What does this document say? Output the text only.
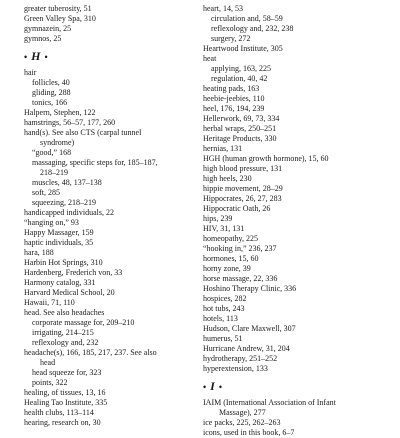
greater tuberosity, 51
Green Valley Spa, 310
gymnazein, 25
gymnos, 25
• H •
hair
follicles, 40
gliding, 288
tonics, 166
Halpern, Stephen, 122
hamstrings, 56–57, 177, 260
hand(s). See also CTS (carpal tunnel
syndrome)
“good,” 168
massaging, specific steps for, 185–187,
218–219
muscles, 48, 137–138
soft, 285
squeezing, 218–219
handicapped individuals, 22
“hanging on,” 93
Happy Massager, 159
haptic individuals, 35
hara, 188
Harbin Hot Springs, 310
Hardenberg, Frederich von, 33
Harmony catalog, 331
Harvard Medical School, 20
Hawaii, 71, 110
head. See also headaches
corporate massage for, 209–210
irrigating, 214–215
reflexology and, 232
headache(s), 166, 185, 217, 237. See also
head
head squeeze for, 323
points, 322
healing, of tissues, 13, 16
Healing Tao Institute, 335
health clubs, 113–114
hearing, research on, 30
heart, 14, 53
circulation and, 58–59
reflexology and, 232, 238
surgery, 272
Heartwood Institute, 305
heat
applying, 163, 225
regulation, 40, 42
heating pads, 163
heebie-jeebies, 110
heel, 176, 194, 239
Hellerwork, 69, 73, 334
herbal wraps, 250–251
Heritage Products, 330
hernias, 131
HGH (human growth hormone), 15, 60
high blood pressure, 131
high heels, 230
hippie movement, 28–29
Hippocrates, 26, 27, 283
Hippocratic Oath, 26
hips, 239
HIV, 31, 131
homeopathy, 225
“hooking in,” 236, 237
hormones, 15, 60
horny zone, 39
horse massage, 22, 336
Hoshino Therapy Clinic, 336
hospices, 282
hot tubs, 243
hotels, 113
Hudson, Clare Maxwell, 307
humerus, 51
Hurricane Andrew, 31, 204
hydrotherapy, 251–252
hyperextension, 133
• I •
IAIM (International Association of Infant
Massage), 277
ice packs, 225, 262–263
icons, used in this book, 6–7
